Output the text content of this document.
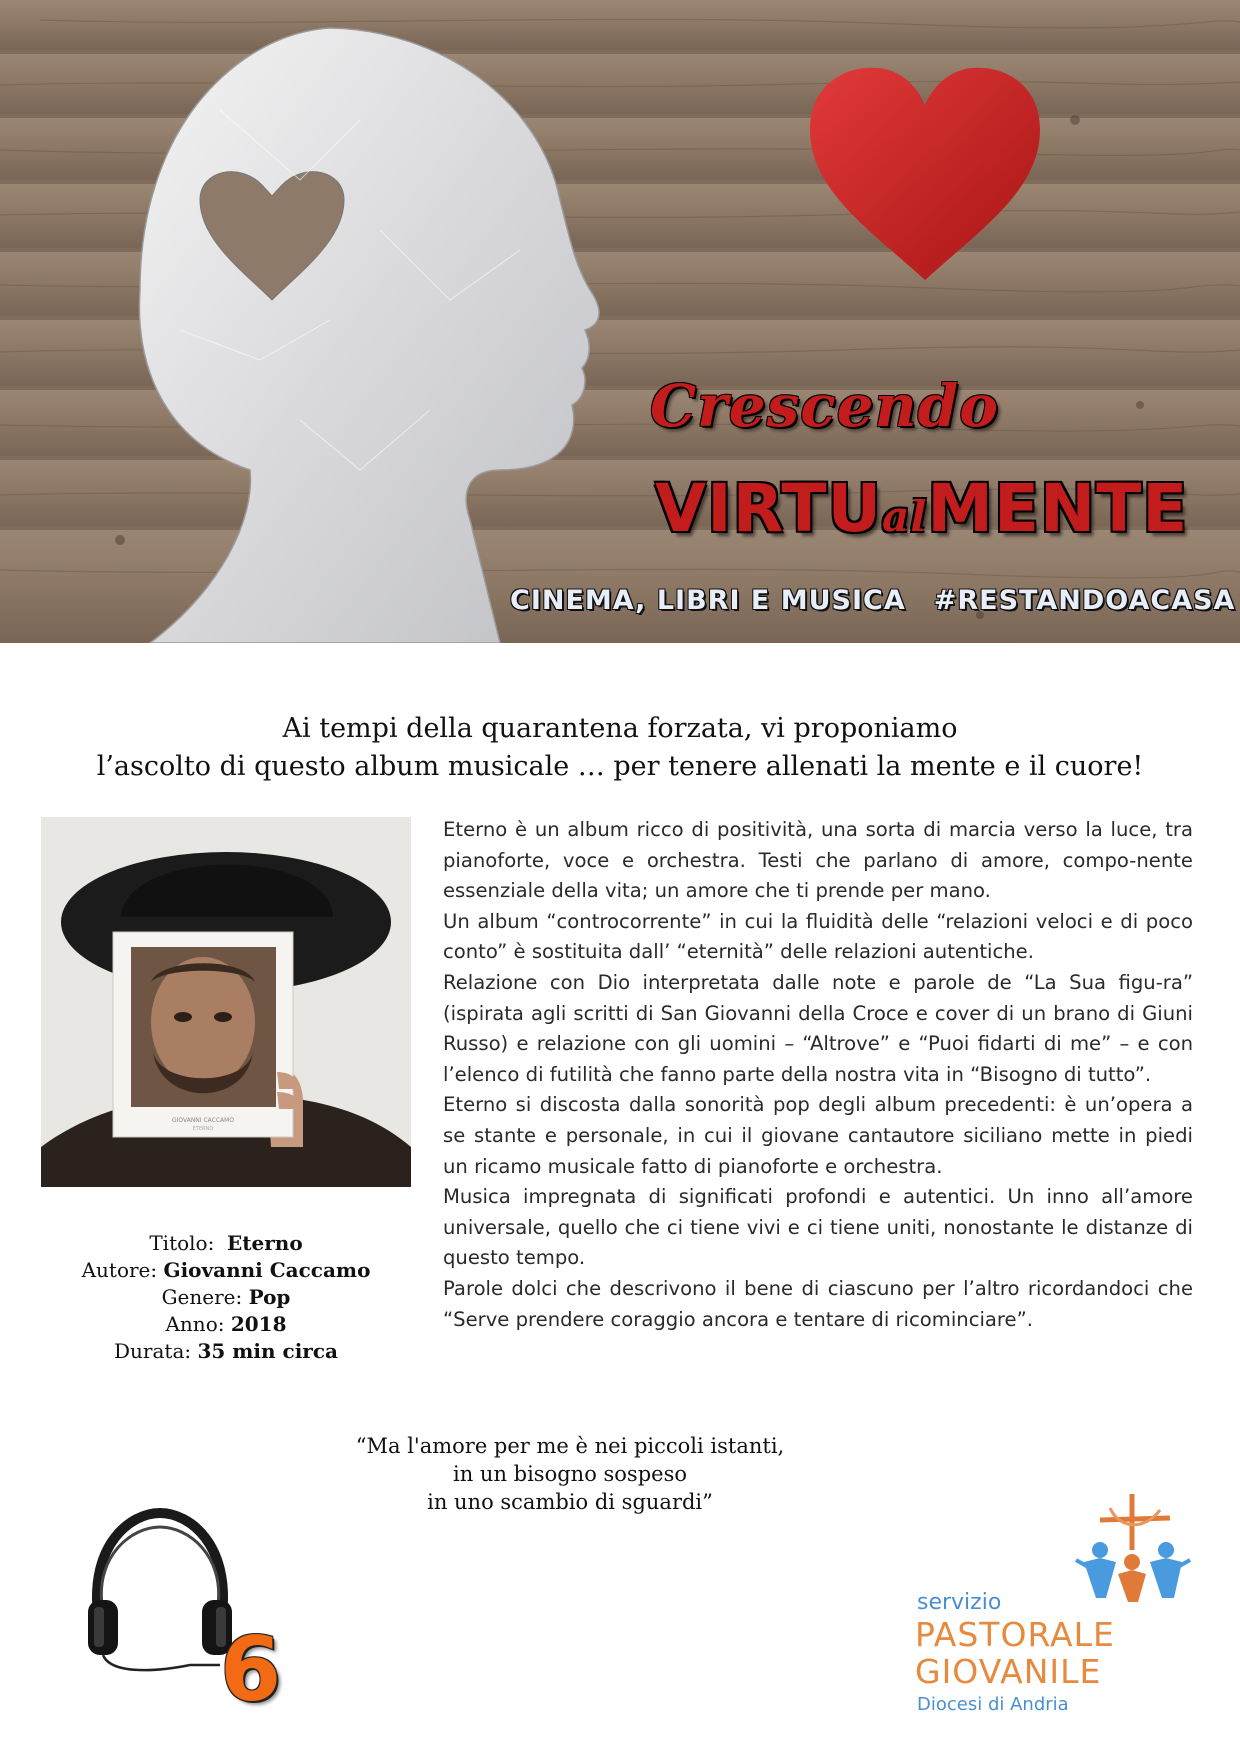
Crescendo
VIRTUalMENTE
CINEMA, LIBRI E MUSICA #RESTANDOACASA
Ai tempi della quarantena forzata, vi proponiamo
l’ascolto di questo album musicale … per tenere allenati la mente e il cuore!
GIOVANNI CACCAMO
ETERNO
Titolo: Eterno
Autore: Giovanni Caccamo
Genere: Pop
Anno: 2018
Durata: 35 min circa

Eterno è un album ricco di positività, una sorta di marcia verso la luce, tra pianoforte, voce e orchestra. Testi che parlano di amore, compo-nente essenziale della vita; un amore che ti prende per mano.

Un album “controcorrente” in cui la fluidità delle “relazioni veloci e di poco conto” è sostituita dall’ “eternità” delle relazioni autentiche.

Relazione con Dio interpretata dalle note e parole de “La Sua figu-ra” (ispirata agli scritti di San Giovanni della Croce e cover di un brano di Giuni Russo) e relazione con gli uomini – “Altrove” e “Puoi fidarti di me” – e con l’elenco di futilità che fanno parte della nostra vita in “Bisogno di tutto”.

Eterno si discosta dalla sonorità pop degli album precedenti: è un’opera a se stante e personale, in cui il giovane cantautore siciliano mette in piedi un ricamo musicale fatto di pianoforte e orchestra.

Musica impregnata di significati profondi e autentici. Un inno all’amore universale, quello che ci tiene vivi e ci tiene uniti, nonostante le distanze di questo tempo.

Parole dolci che descrivono il bene di ciascuno per l’altro ricordandoci che “Serve prendere coraggio ancora e tentare di ricominciare”.

“Ma l'amore per me è nei piccoli istanti,
in un bisogno sospeso
in uno scambio di sguardi”
6
servizio
PASTORALE
GIOVANILE
Diocesi di Andria
